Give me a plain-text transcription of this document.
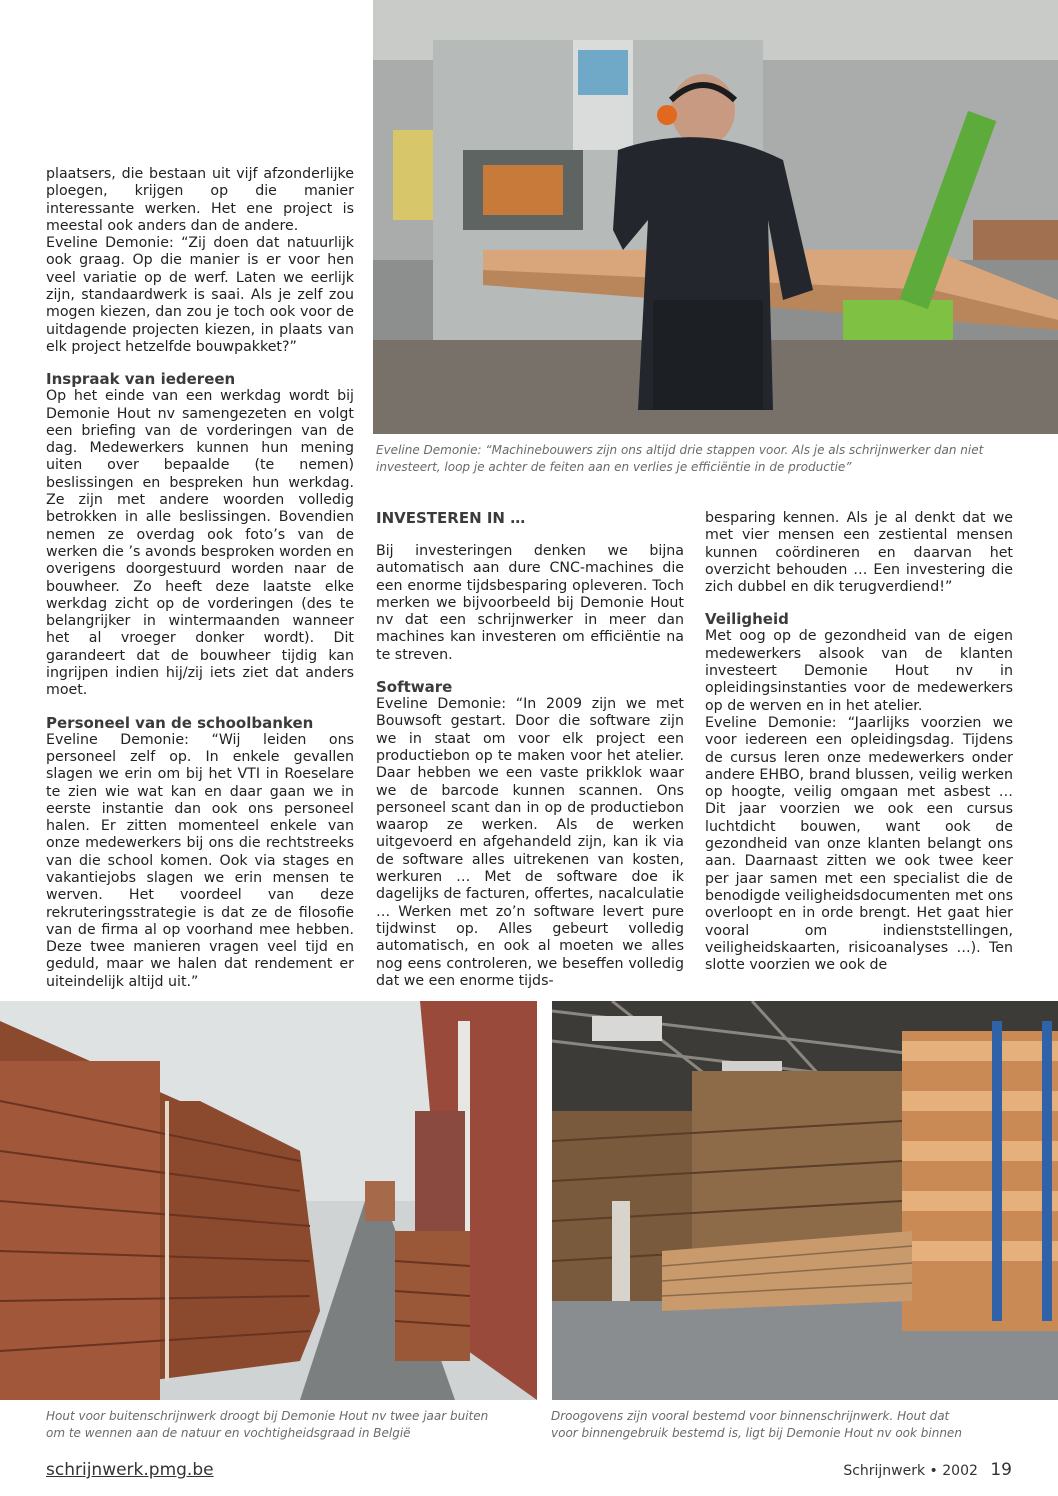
Eveline Demonie: “Machinebouwers zijn ons altijd drie stappen voor. Als je als schrijnwerker dan niet investeert, loop je achter de feiten aan en verlies je efficiëntie in de productie”

plaatsers, die bestaan uit vijf afzonderlijke ploegen, krijgen op die manier interessante werken. Het ene project is meestal ook anders dan de andere.

Eveline Demonie: “Zij doen dat natuurlijk ook graag. Op die manier is er voor hen veel variatie op de werf. Laten we eerlijk zijn, standaardwerk is saai. Als je zelf zou mogen kiezen, dan zou je toch ook voor de uitdagende projecten kiezen, in plaats van elk project hetzelfde bouwpakket?”

Inspraak van iedereen

Op het einde van een werkdag wordt bij Demonie Hout nv samengezeten en volgt een briefing van de vorderingen van de dag. Medewerkers kunnen hun mening uiten over bepaalde (te nemen) beslissingen en bespreken hun werkdag. Ze zijn met andere woorden volledig betrokken in alle beslissingen. Bovendien nemen ze overdag ook foto’s van de werken die ’s avonds besproken worden en overigens doorgestuurd worden naar de bouwheer. Zo heeft deze laatste elke werkdag zicht op de vorderingen (des te belangrijker in wintermaanden wanneer het al vroeger donker wordt). Dit garandeert dat de bouwheer tijdig kan ingrijpen indien hij/zij iets ziet dat anders moet.

Personeel van de schoolbanken

Eveline Demonie: “Wij leiden ons personeel zelf op. In enkele gevallen slagen we erin om bij het VTI in Roeselare te zien wie wat kan en daar gaan we in eerste instantie dan ook ons personeel halen. Er zitten momenteel enkele van onze medewerkers bij ons die rechtstreeks van die school komen. Ook via stages en vakantiejobs slagen we erin mensen te werven. Het voordeel van deze rekruteringsstrategie is dat ze de filosofie van de firma al op voorhand mee hebben. Deze twee manieren vragen veel tijd en geduld, maar we halen dat rendement er uiteindelijk altijd uit.”

INVESTEREN IN …

Bij investeringen denken we bijna automatisch aan dure CNC-machines die een enorme tijdsbesparing opleveren. Toch merken we bijvoorbeeld bij Demonie Hout nv dat een schrijnwerker in meer dan machines kan investeren om efficiëntie na te streven.

Software

Eveline Demonie: “In 2009 zijn we met Bouwsoft gestart. Door die software zijn we in staat om voor elk project een productiebon op te maken voor het atelier. Daar hebben we een vaste prikklok waar we de barcode kunnen scannen. Ons personeel scant dan in op de productiebon waarop ze werken. Als de werken uitgevoerd en afgehandeld zijn, kan ik via de software alles uitrekenen van kosten, werkuren … Met de software doe ik dagelijks de facturen, offertes, nacalculatie … Werken met zo’n software levert pure tijdwinst op. Alles gebeurt volledig automatisch, en ook al moeten we alles nog eens controleren, we beseffen volledig dat we een enorme tijds-

besparing kennen. Als je al denkt dat we met vier mensen een zestiental mensen kunnen coördineren en daarvan het overzicht behouden … Een investering die zich dubbel en dik terugverdiend!”

Veiligheid

Met oog op de gezondheid van de eigen medewerkers alsook van de klanten investeert Demonie Hout nv in opleidingsinstanties voor de medewerkers op de werven en in het atelier.

Eveline Demonie: “Jaarlijks voorzien we voor iedereen een opleidingsdag. Tijdens de cursus leren onze medewerkers onder andere EHBO, brand blussen, veilig werken op hoogte, veilig omgaan met asbest … Dit jaar voorzien we ook een cursus luchtdicht bouwen, want ook de gezondheid van onze klanten belangt ons aan. Daarnaast zitten we ook twee keer per jaar samen met een specialist die de benodigde veiligheidsdocumenten met ons overloopt en in orde brengt. Het gaat hier vooral om indienststellingen, veiligheidskaarten, risicoanalyses …). Ten slotte voorzien we ook de

Hout voor buitenschrijnwerk droogt bij Demonie Hout nv twee jaar buiten om te wennen aan de natuur en vochtigheidsgraad in België
Droogovens zijn vooral bestemd voor binnenschrijnwerk. Hout dat voor binnengebruik bestemd is, ligt bij Demonie Hout nv ook binnen
schrijnwerk.pmg.be	Schrijnwerk • 2002 19
